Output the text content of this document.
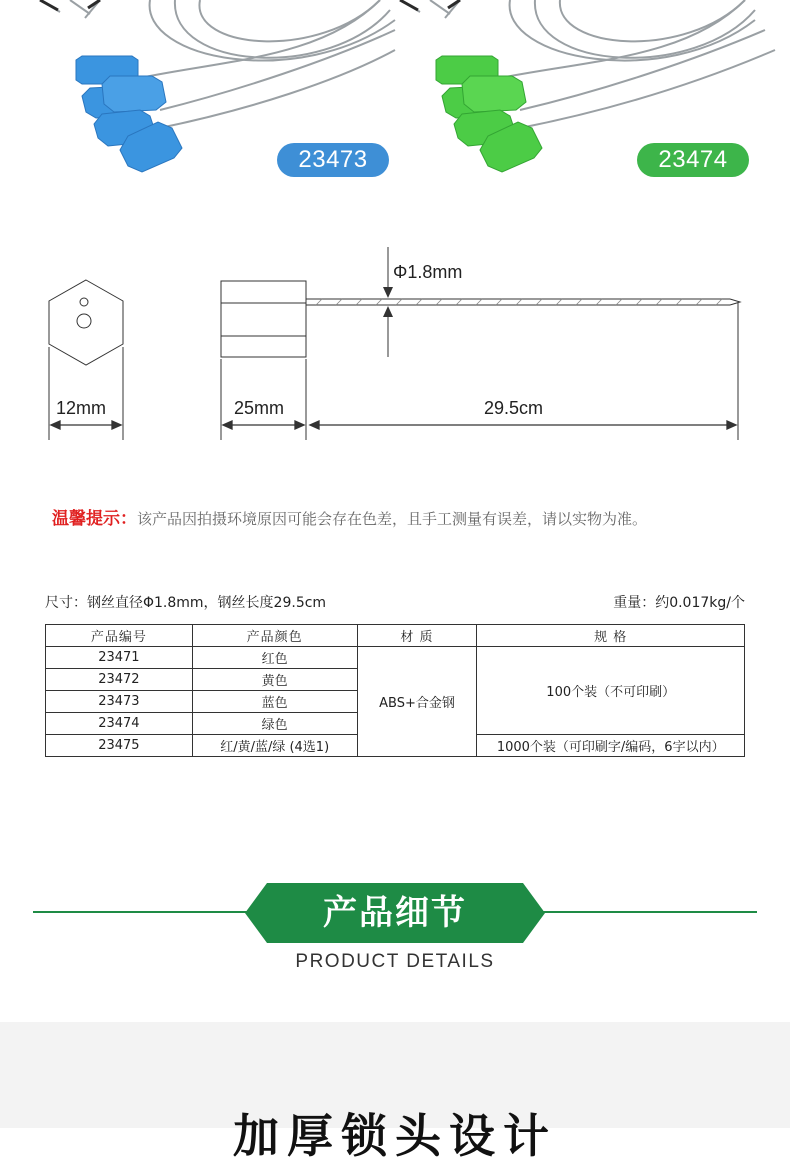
23473	23474
Φ1.8mm
12mm	25mm	29.5cm
温馨提示：该产品因拍摄环境原因可能会存在色差，且手工测量有误差，请以实物为准。
尺寸：钢丝直径Φ1.8mm，钢丝长度29.5cm	重量：约0.017kg/个
产品编号	产品颜色	材 质	规 格
23471	红色	ABS+合金钢	100个装（不可印刷）
23472	黄色		
23473	蓝色		
23474	绿色		
23475	红/黄/蓝/绿 (4选1)		1000个装（可印刷字/编码，6字以内）
产品细节
PRODUCT DETAILS
加厚锁头设计
